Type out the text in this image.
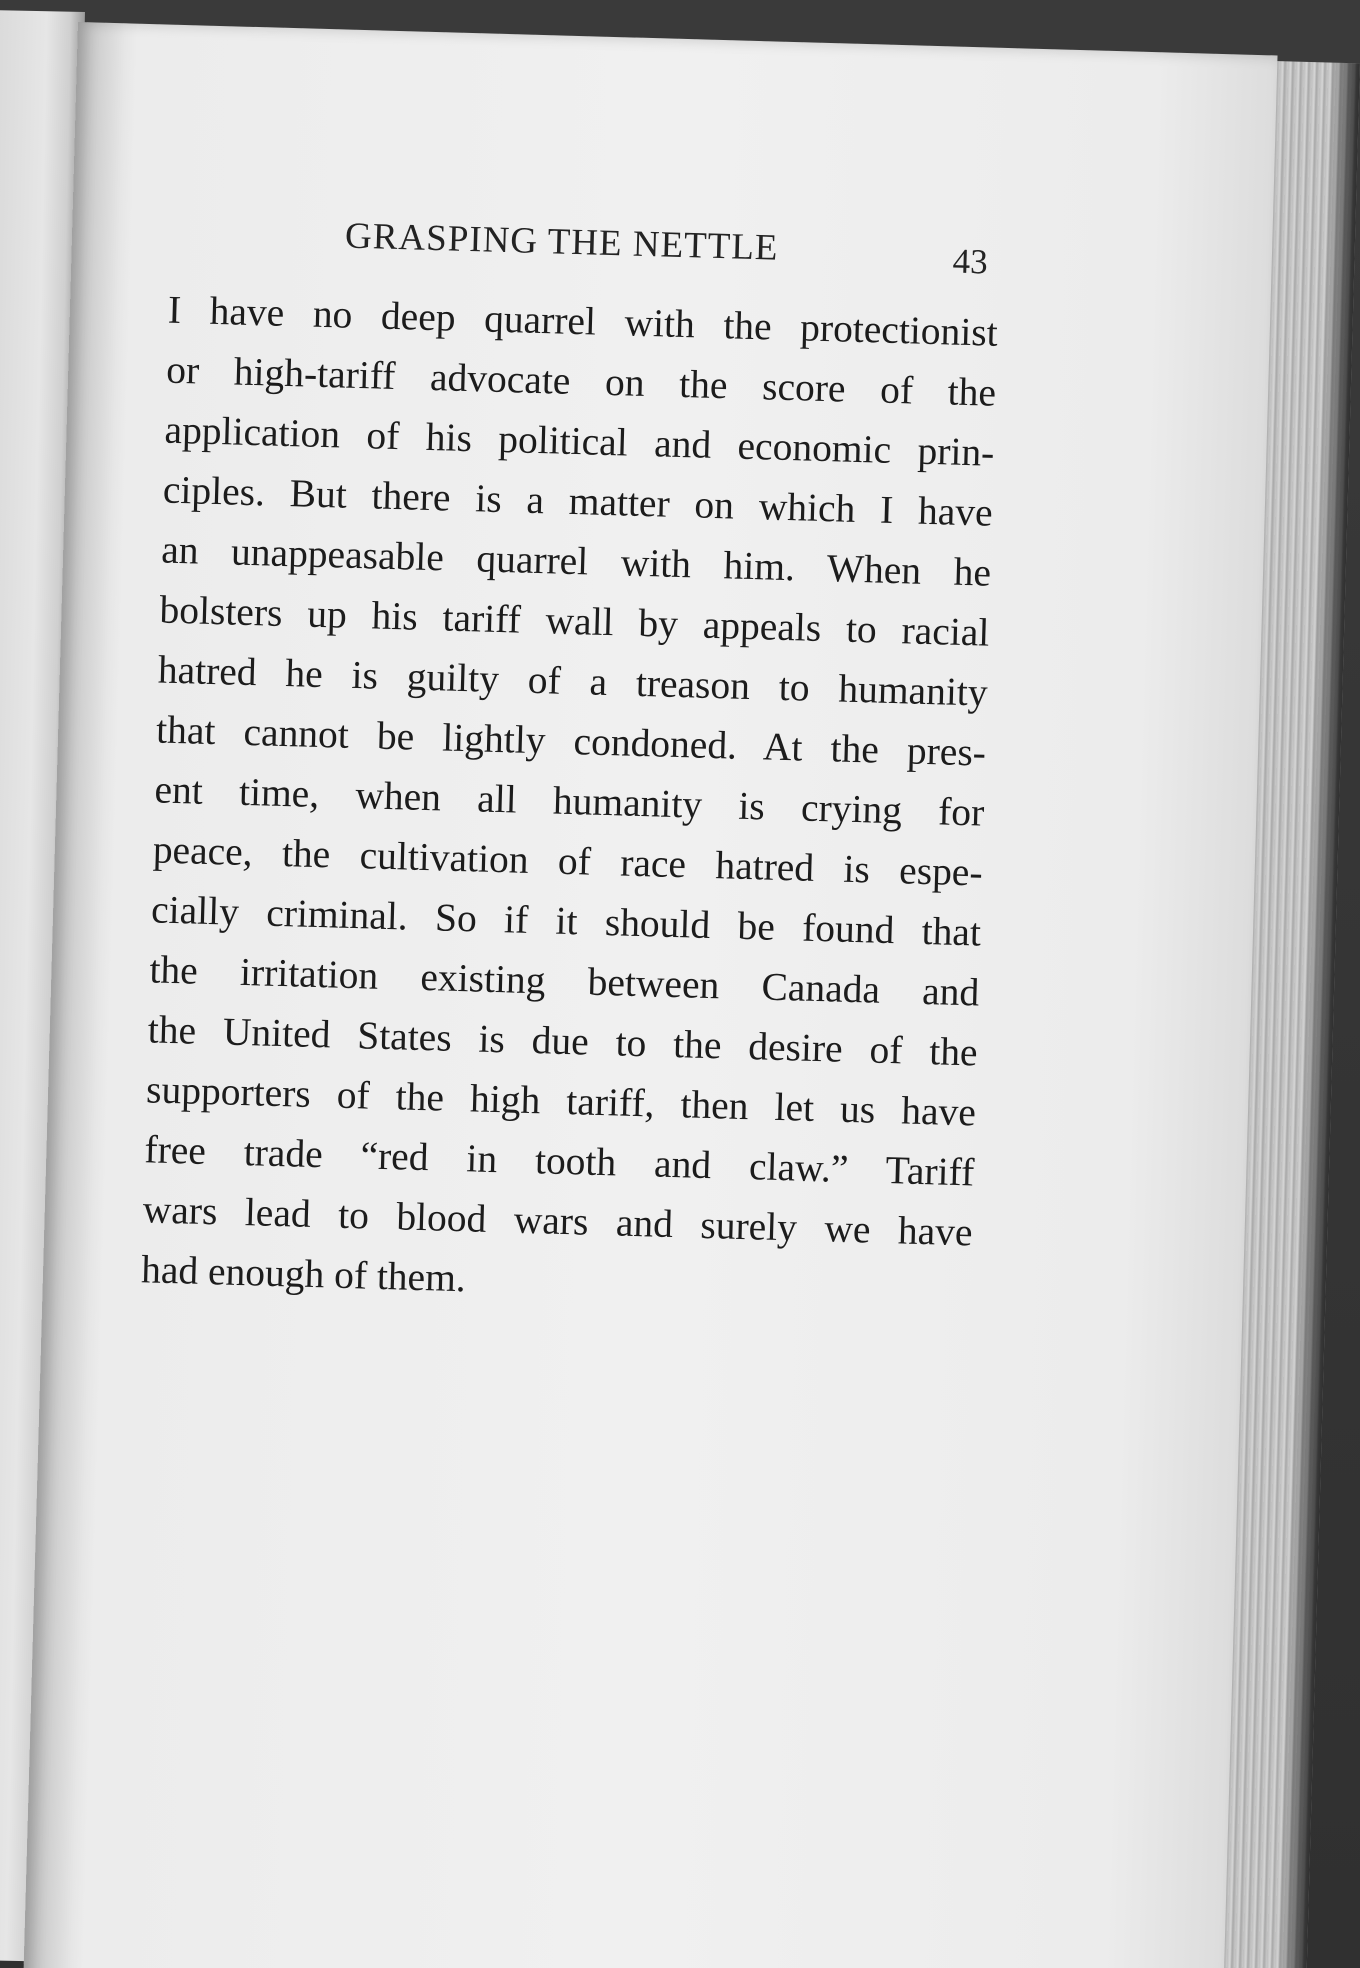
GRASPING THE NETTLE	43

I have no deep quarrel with the protectionist
or high-tariff advocate on the score of the
application of his political and economic prin-
ciples. But there is a matter on which I have
an unappeasable quarrel with him. When he
bolsters up his tariff wall by appeals to racial
hatred he is guilty of a treason to humanity
that cannot be lightly condoned. At the pres-
ent time, when all humanity is crying for
peace, the cultivation of race hatred is espe-
cially criminal. So if it should be found that
the irritation existing between Canada and
the United States is due to the desire of the
supporters of the high tariff, then let us have
free trade “red in tooth and claw.” Tariff
wars lead to blood wars and surely we have
had enough of them.
